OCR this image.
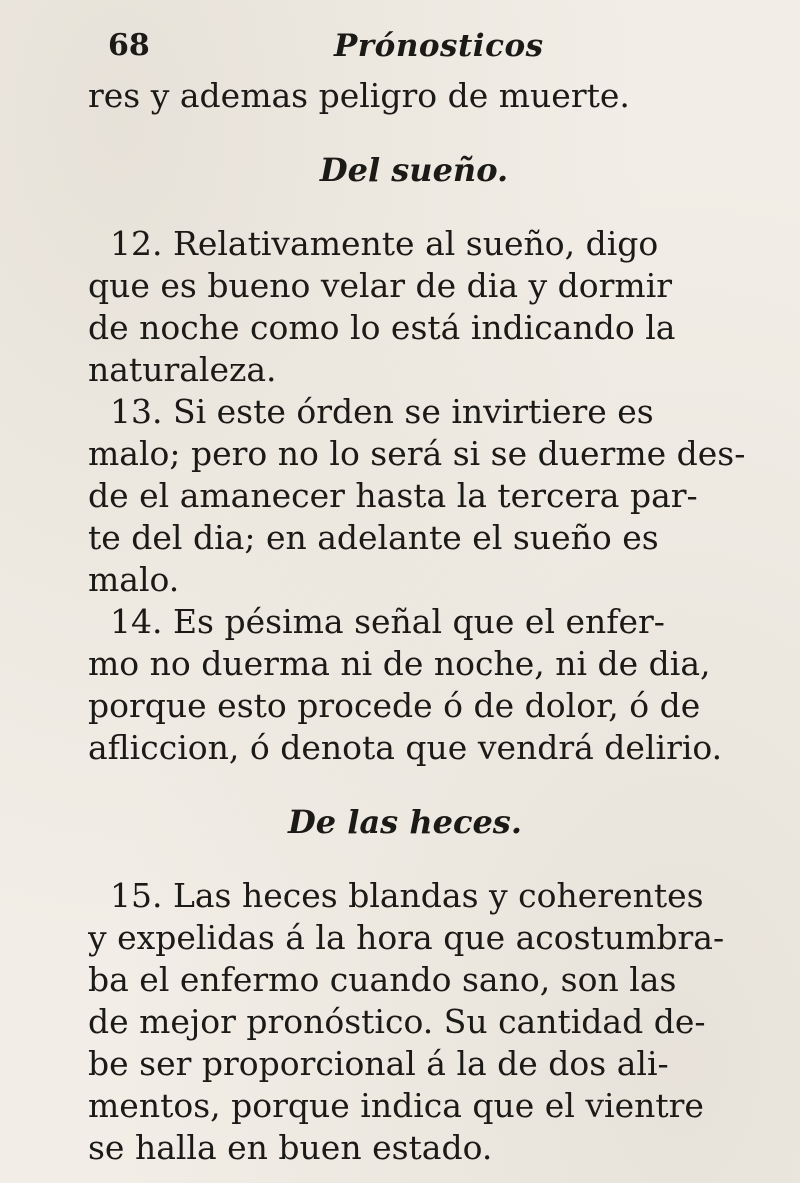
68	Prónosticos
res y ademas peligro de muerte.
Del sueño.
12. Relativamente al sueño, digo
que es bueno velar de dia y dormir
de noche como lo está indicando la
naturaleza.
13. Si este órden se invirtiere es
malo; pero no lo será si se duerme des-
de el amanecer hasta la tercera par-
te del dia; en adelante el sueño es
malo.
14. Es pésima señal que el enfer-
mo no duerma ni de noche, ni de dia,
porque esto procede ó de dolor, ó de
afliccion, ó denota que vendrá delirio.
De las heces.
15. Las heces blandas y coherentes
y expelidas á la hora que acostumbra-
ba el enfermo cuando sano, son las
de mejor pronóstico. Su cantidad de-
be ser proporcional á la de dos ali-
mentos, porque indica que el vientre
se halla en buen estado.
